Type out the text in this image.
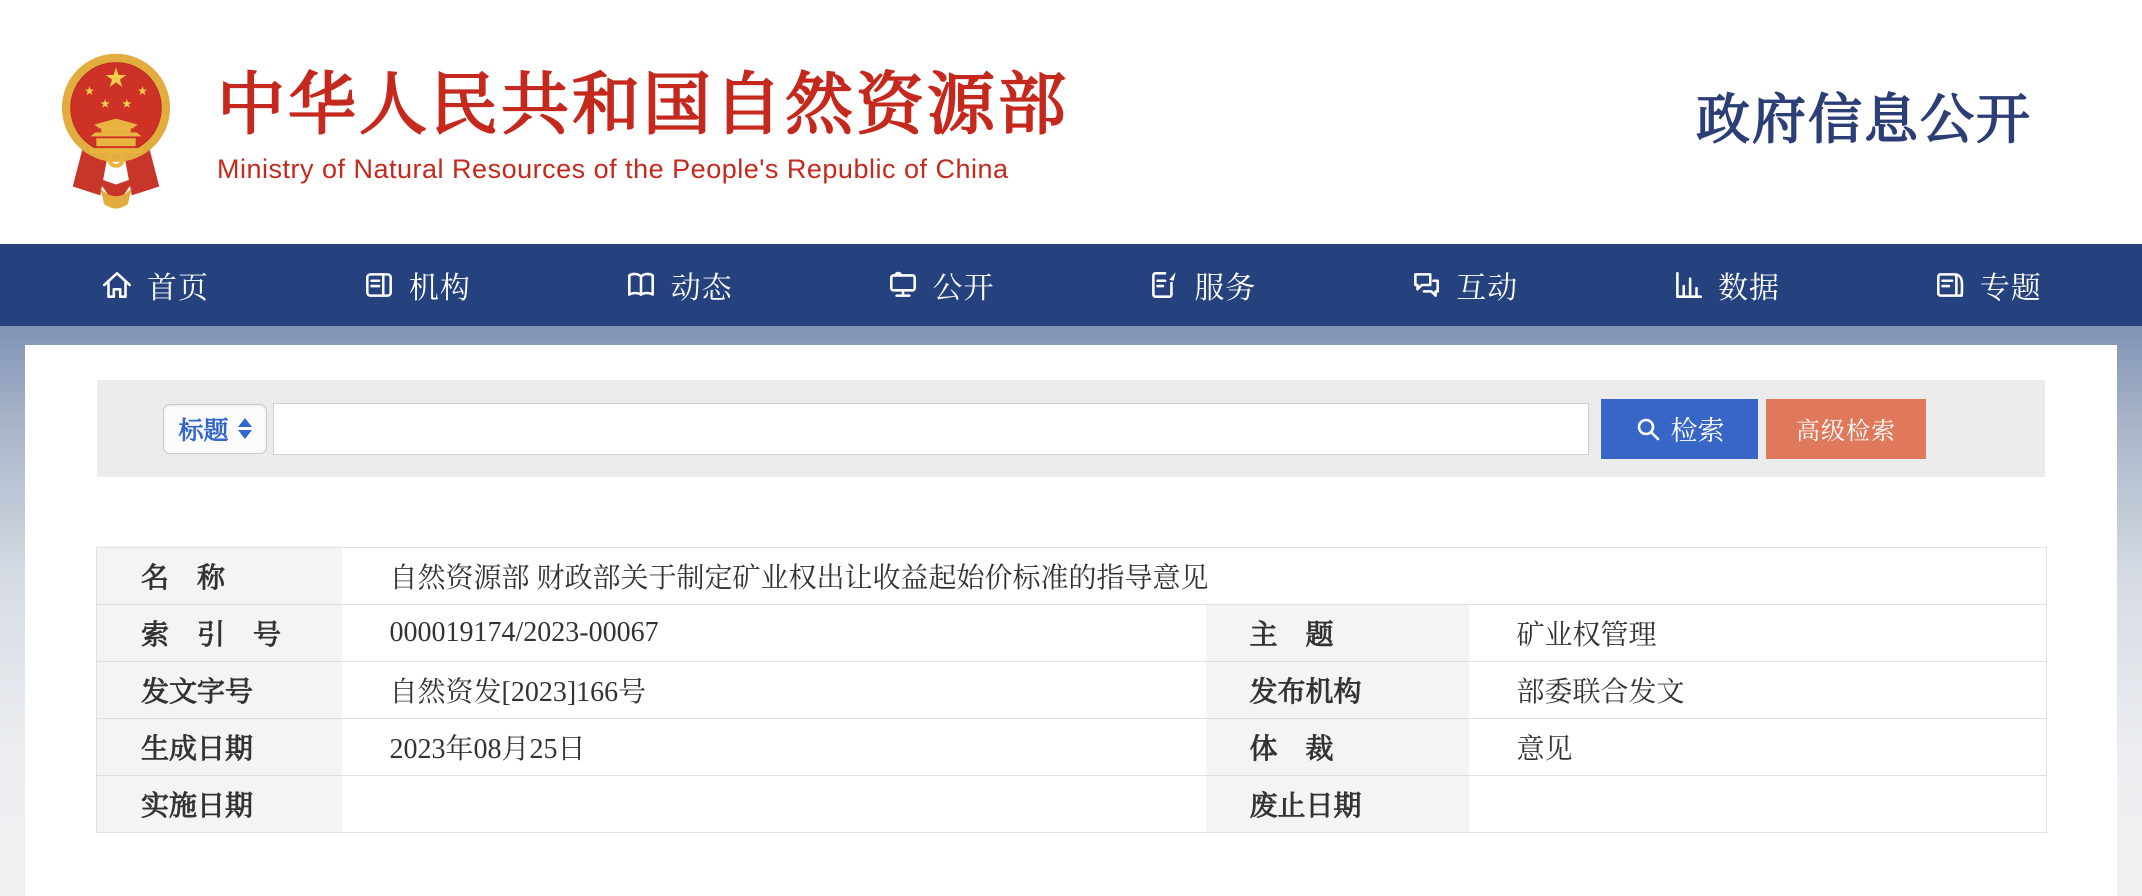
中华人民共和国自然资源部
Ministry of Natural Resources of the People's Republic of China
政府信息公开
首页	机构	动态	公开	服务	互动	数据	专题
标题	检索	高级检索
名　称	自然资源部 财政部关于制定矿业权出让收益起始价标准的指导意见		
索　引　号	000019174/2023-00067	主　题	矿业权管理
发文字号	自然资发[2023]166号	发布机构	部委联合发文
生成日期	2023年08月25日	体　裁	意见
实施日期		废止日期	
